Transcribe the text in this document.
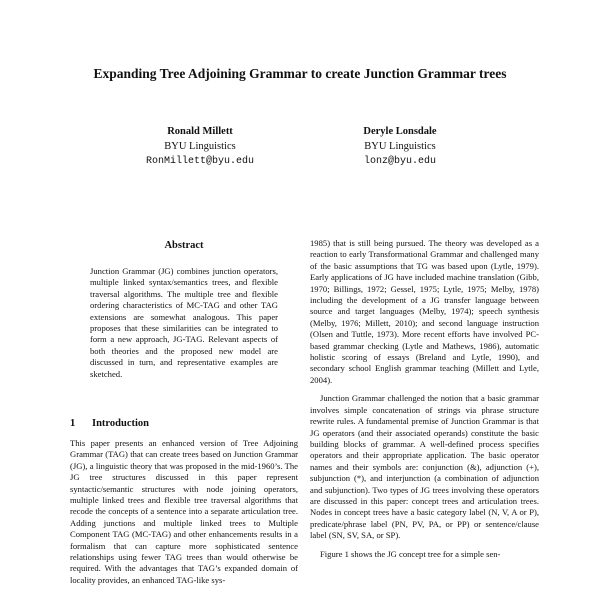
Expanding Tree Adjoining Grammar to create Junction Grammar trees
Ronald Millett
BYU Linguistics
RonMillett@byu.edu
Deryle Lonsdale
BYU Linguistics
lonz@byu.edu
Abstract

Junction Grammar (JG) combines junction operators, multiple linked syntax/semantics trees, and flexible traversal algorithms. The multiple tree and flexible ordering characteristics of MC-TAG and other TAG extensions are somewhat analogous. This paper proposes that these similarities can be integrated to form a new approach, JG-TAG. Relevant aspects of both theories and the proposed new model are discussed in turn, and representative examples are sketched.

1 Introduction

This paper presents an enhanced version of Tree Adjoining Grammar (TAG) that can create trees based on Junction Grammar (JG), a linguistic theory that was proposed in the mid-1960’s. The JG tree structures discussed in this paper represent syntactic/semantic structures with node joining operators, multiple linked trees and flexible tree traversal algorithms that recode the concepts of a sentence into a separate articulation tree. Adding junctions and multiple linked trees to Multiple Component TAG (MC-TAG) and other enhancements results in a formalism that can capture more sophisticated sentence relationships using fewer TAG trees than would otherwise be required. With the advantages that TAG’s expanded domain of locality provides, an enhanced TAG-like sys-

1985) that is still being pursued. The theory was developed as a reaction to early Transformational Grammar and challenged many of the basic assumptions that TG was based upon (Lytle, 1979). Early applications of JG have included machine translation (Gibb, 1970; Billings, 1972; Gessel, 1975; Lytle, 1975; Melby, 1978) including the development of a JG transfer language between source and target languages (Melby, 1974); speech synthesis (Melby, 1976; Millett, 2010); and second language instruction (Olsen and Tuttle, 1973). More recent efforts have involved PC-based grammar checking (Lytle and Mathews, 1986), automatic holistic scoring of essays (Breland and Lytle, 1990), and secondary school English grammar teaching (Millett and Lytle, 2004).

Junction Grammar challenged the notion that a basic grammar involves simple concatenation of strings via phrase structure rewrite rules. A fundamental premise of Junction Grammar is that JG operators (and their associated operands) constitute the basic building blocks of grammar. A well-defined process specifies operators and their appropriate application. The basic operator names and their symbols are: conjunction (&), adjunction (+), subjunction (*), and interjunction (a combination of adjunction and subjunction). Two types of JG trees involving these operators are discussed in this paper: concept trees and articulation trees. Nodes in concept trees have a basic category label (N, V, A or P), predicate/phrase label (PN, PV, PA, or PP) or sentence/clause label (SN, SV, SA, or SP).

Figure 1 shows the JG concept tree for a simple sen-
